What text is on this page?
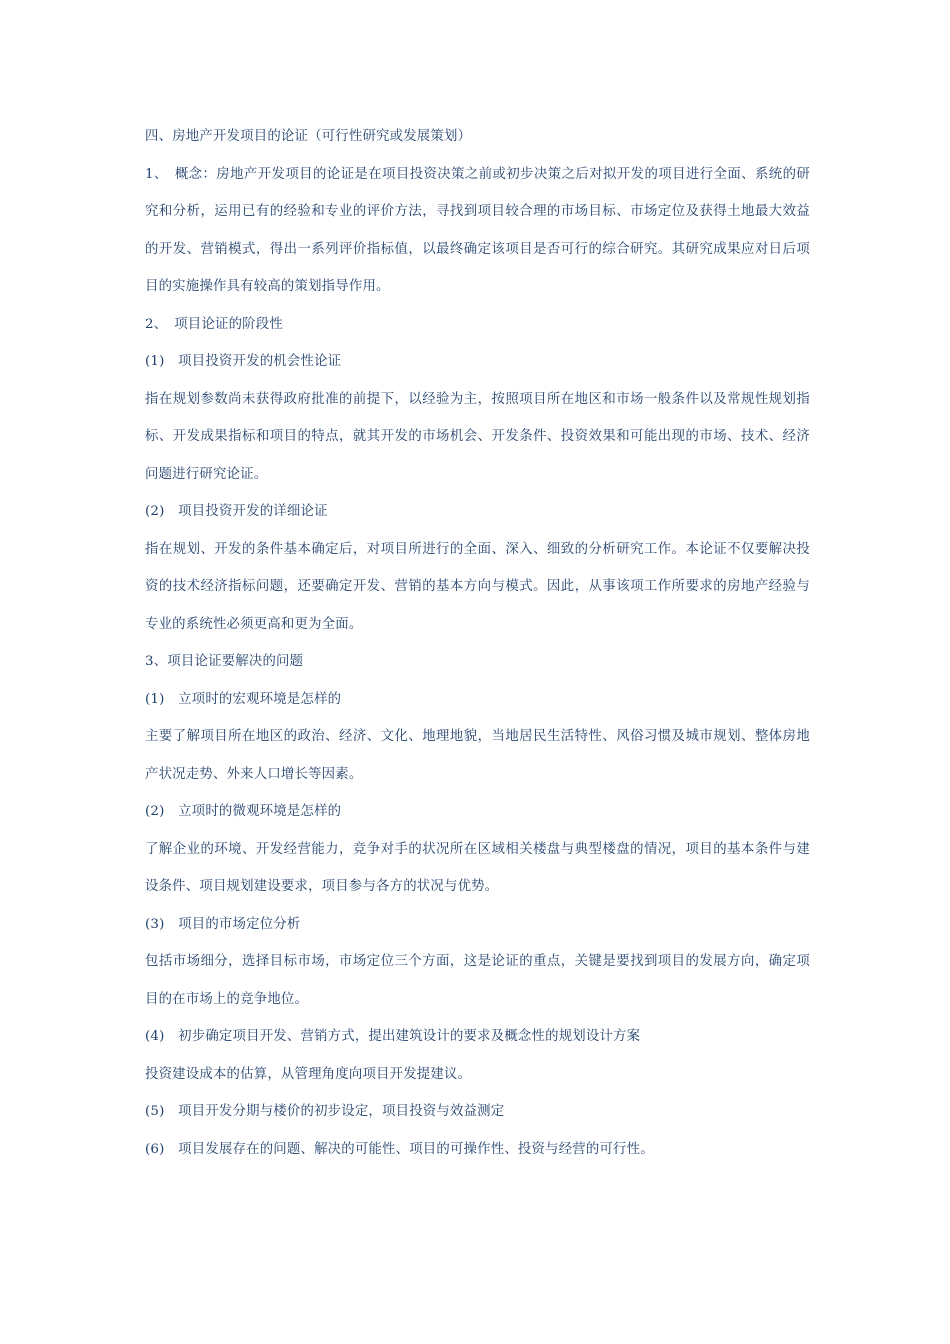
四、房地产开发项目的论证（可行性研究或发展策划）

1、　概念：房地产开发项目的论证是在项目投资决策之前或初步决策之后对拟开发的项目进行全面、系统的研究和分析，运用已有的经验和专业的评价方法，寻找到项目较合理的市场目标、市场定位及获得土地最大效益的开发、营销模式，得出一系列评价指标值，以最终确定该项目是否可行的综合研究。其研究成果应对日后项目的实施操作具有较高的策划指导作用。

2、　项目论证的阶段性

(1)　项目投资开发的机会性论证

指在规划参数尚未获得政府批准的前提下，以经验为主，按照项目所在地区和市场一般条件以及常规性规划指标、开发成果指标和项目的特点，就其开发的市场机会、开发条件、投资效果和可能出现的市场、技术、经济问题进行研究论证。

(2)　项目投资开发的详细论证

指在规划、开发的条件基本确定后，对项目所进行的全面、深入、细致的分析研究工作。本论证不仅要解决投资的技术经济指标问题，还要确定开发、营销的基本方向与模式。因此，从事该项工作所要求的房地产经验与专业的系统性必须更高和更为全面。

3、项目论证要解决的问题

(1)　立项时的宏观环境是怎样的

主要了解项目所在地区的政治、经济、文化、地理地貌，当地居民生活特性、风俗习惯及城市规划、整体房地产状况走势、外来人口增长等因素。

(2)　立项时的微观环境是怎样的

了解企业的环境、开发经营能力，竞争对手的状况所在区域相关楼盘与典型楼盘的情况，项目的基本条件与建设条件、项目规划建设要求，项目参与各方的状况与优势。

(3)　项目的市场定位分析

包括市场细分，选择目标市场，市场定位三个方面，这是论证的重点，关键是要找到项目的发展方向，确定项目的在市场上的竞争地位。

(4)　初步确定项目开发、营销方式，提出建筑设计的要求及概念性的规划设计方案

投资建设成本的估算，从管理角度向项目开发提建议。

(5)　项目开发分期与楼价的初步设定，项目投资与效益测定

(6)　项目发展存在的问题、解决的可能性、项目的可操作性、投资与经营的可行性。
